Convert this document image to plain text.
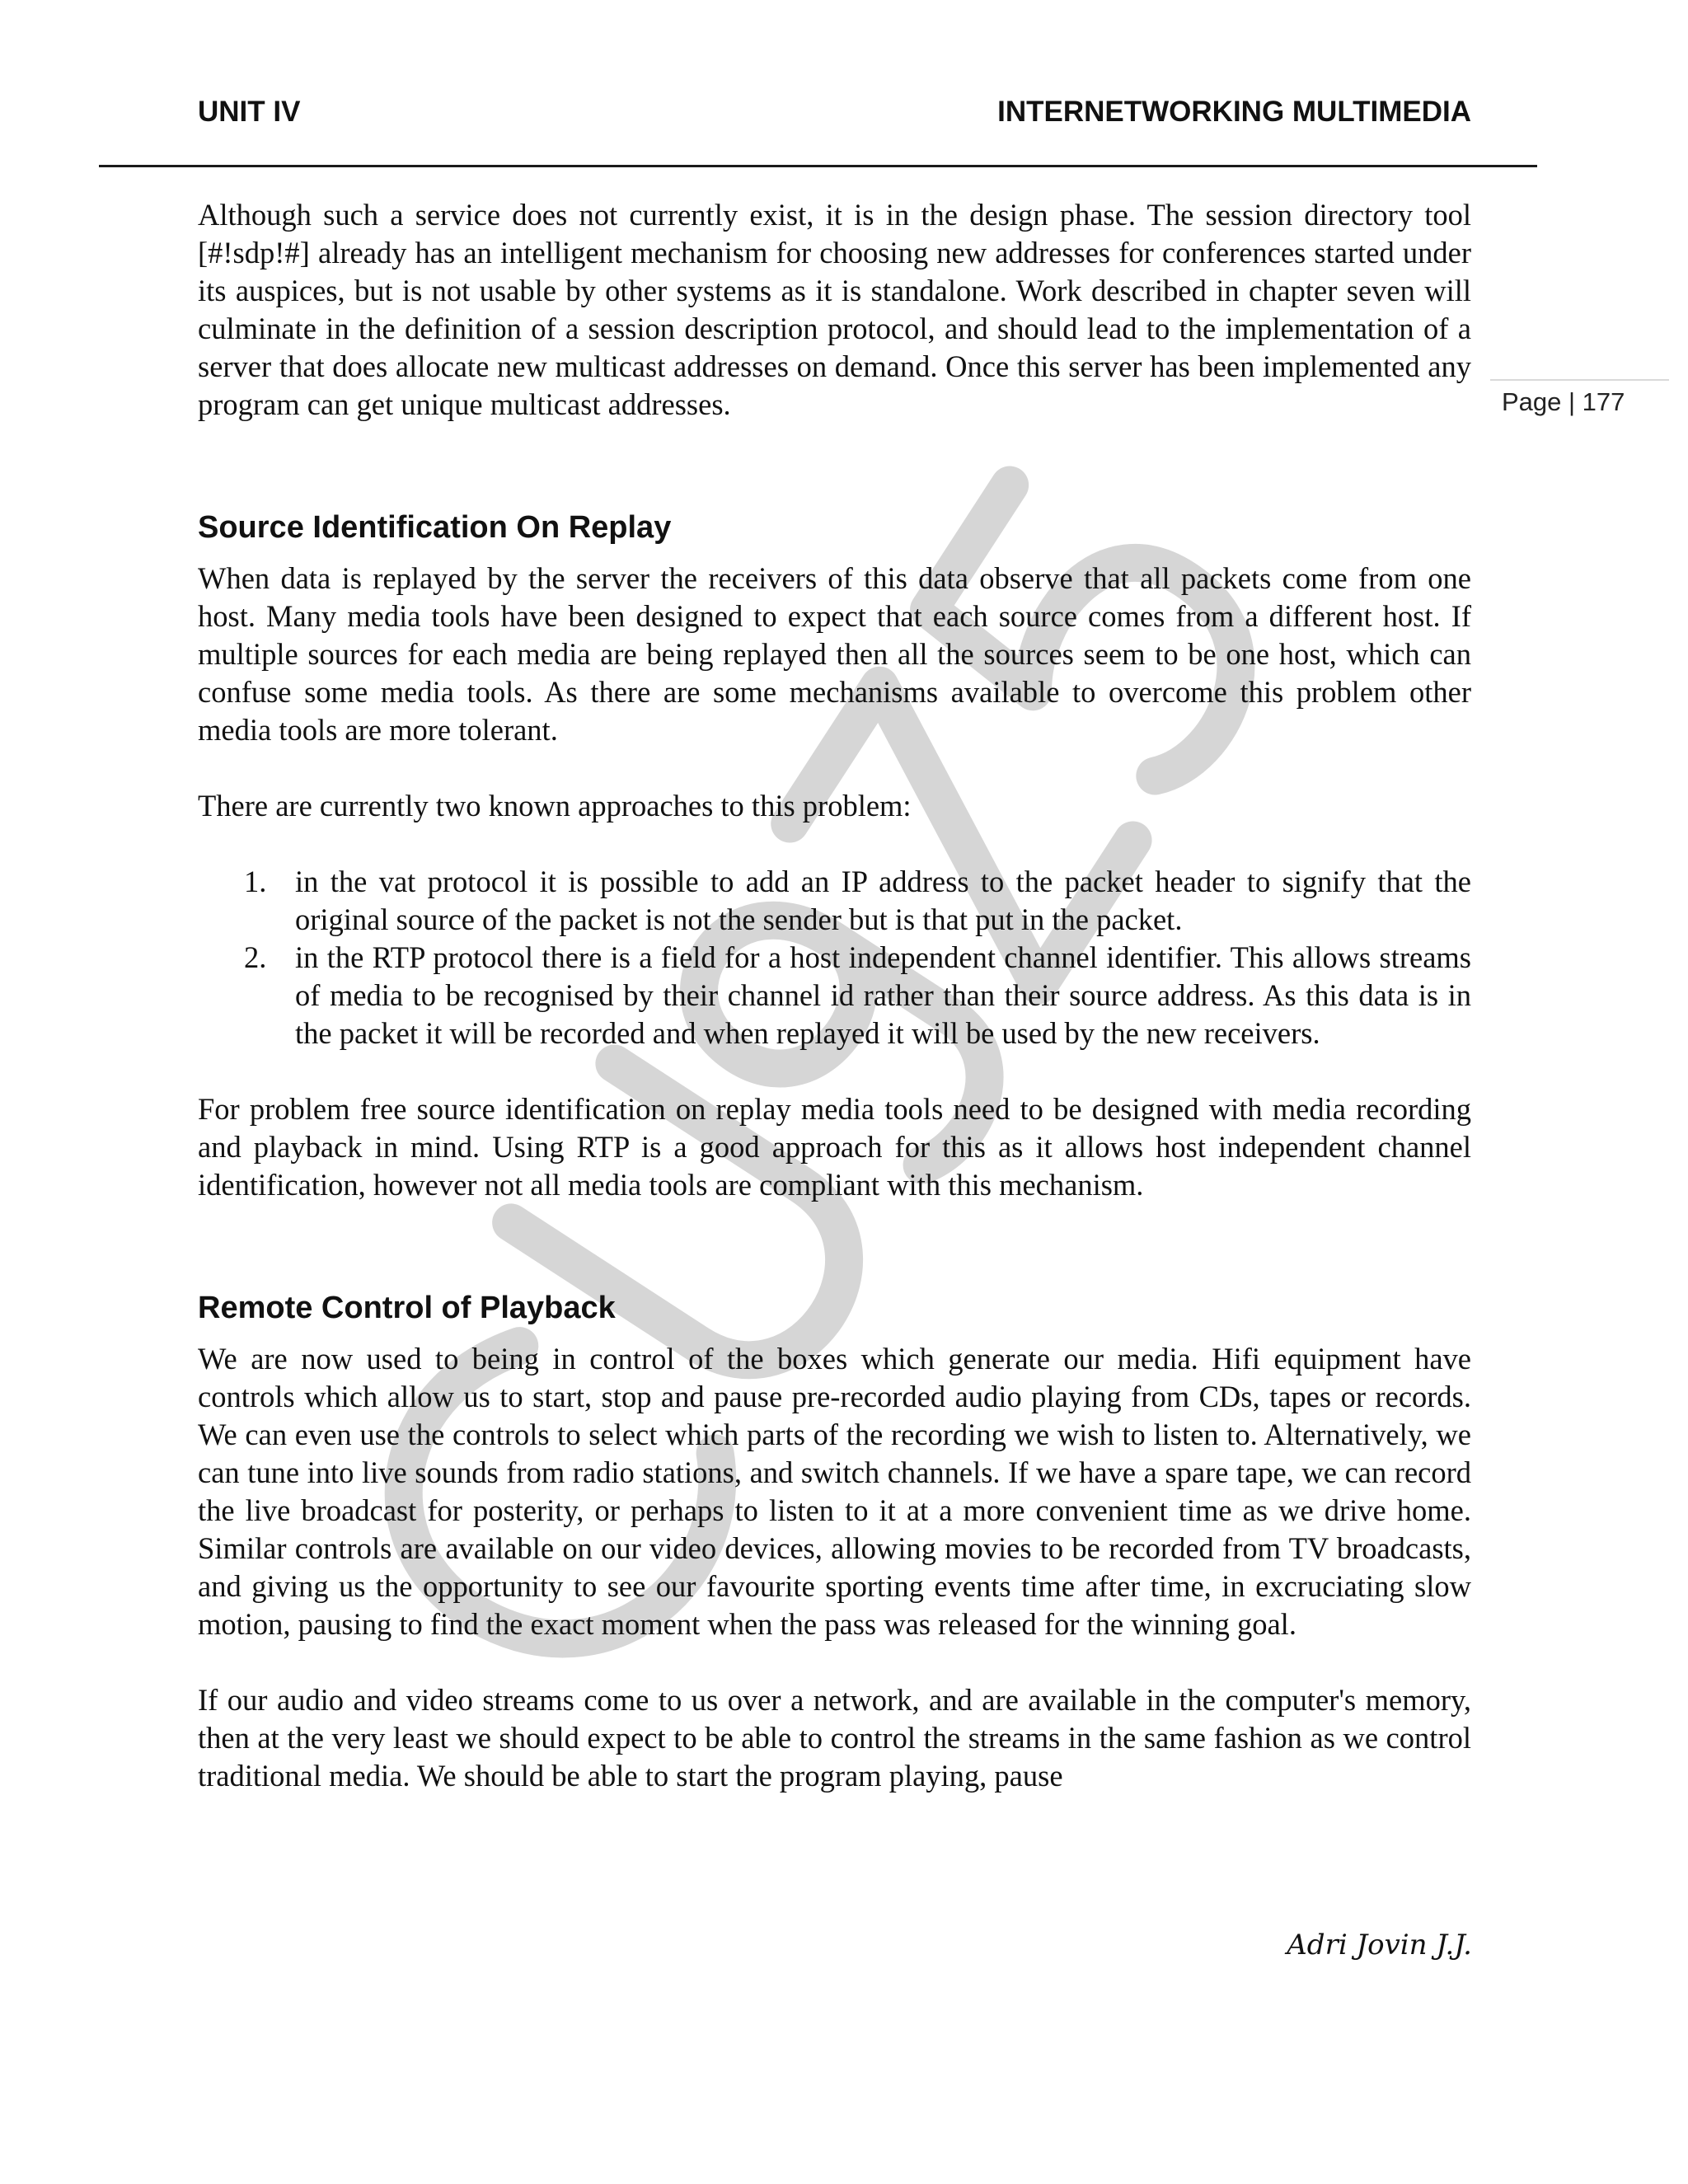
UNIT IV	INTERNETWORKING MULTIMEDIA
Page | 177

Although such a service does not currently exist, it is in the design phase. The session directory tool [#!sdp!#] already has an intelligent mechanism for choosing new addresses for conferences started under its auspices, but is not usable by other systems as it is standalone. Work described in chapter seven will culminate in the definition of a session description protocol, and should lead to the implementation of a server that does allocate new multicast addresses on demand. Once this server has been implemented any program can get unique multicast addresses.

Source Identification On Replay

When data is replayed by the server the receivers of this data observe that all packets come from one host. Many media tools have been designed to expect that each source comes from a different host. If multiple sources for each media are being replayed then all the sources seem to be one host, which can confuse some media tools. As there are some mechanisms available to overcome this problem other media tools are more tolerant.

There are currently two known approaches to this problem:

1. in the vat protocol it is possible to add an IP address to the packet header to signify that the original source of the packet is not the sender but is that put in the packet.
2. in the RTP protocol there is a field for a host independent channel identifier. This allows streams of media to be recognised by their channel id rather than their source address. As this data is in the packet it will be recorded and when replayed it will be used by the new receivers.

For problem free source identification on replay media tools need to be designed with media recording and playback in mind. Using RTP is a good approach for this as it allows host independent channel identification, however not all media tools are compliant with this mechanism.

Remote Control of Playback

We are now used to being in control of the boxes which generate our media. Hifi equipment have controls which allow us to start, stop and pause pre-recorded audio playing from CDs, tapes or records. We can even use the controls to select which parts of the recording we wish to listen to. Alternatively, we can tune into live sounds from radio stations, and switch channels. If we have a spare tape, we can record the live broadcast for posterity, or perhaps to listen to it at a more convenient time as we drive home. Similar controls are available on our video devices, allowing movies to be recorded from TV broadcasts, and giving us the opportunity to see our favourite sporting events time after time, in excruciating slow motion, pausing to find the exact moment when the pass was released for the winning goal.

If our audio and video streams come to us over a network, and are available in the computer's memory, then at the very least we should expect to be able to control the streams in the same fashion as we control traditional media. We should be able to start the program playing, pause

Adri Jovin J.J.
